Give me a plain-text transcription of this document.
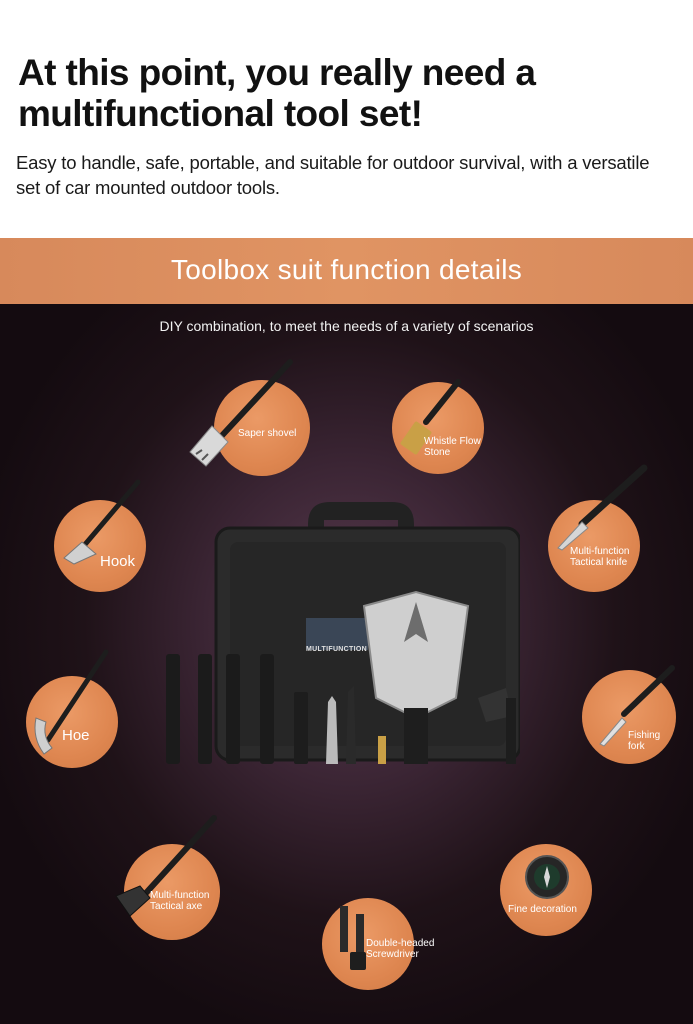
At this point, you really need a multifunctional tool set!
Easy to handle, safe, portable, and suitable for outdoor survival, with a versatile set of car mounted outdoor tools.
Toolbox suit function details
DIY combination, to meet the needs of a variety of scenarios
Saper shovel
Whistle Flow Stone
Hook
Multi-function Tactical knife
Hoe	Fishing fork
Multi-function Tactical axe
Double-headed Screwdriver
Fine decoration
MULTIFUNCTION
